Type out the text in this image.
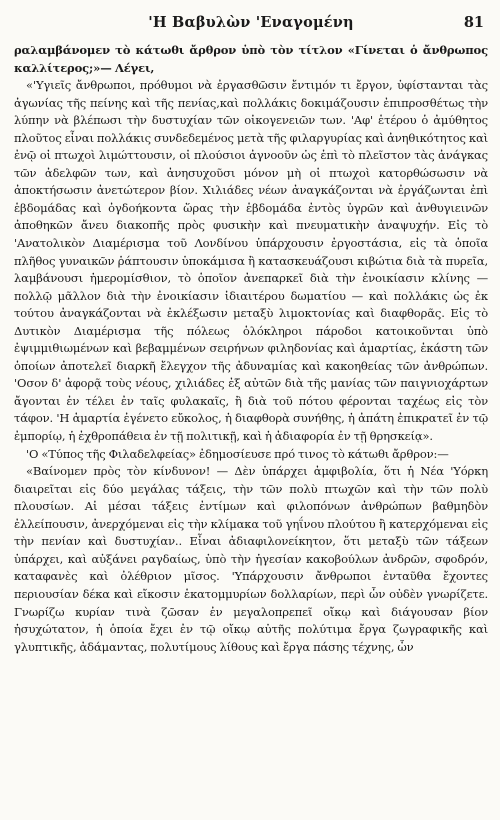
'Η Βαβυλὼν 'Εναγομένη	81

ραλαμβάνομεν τὸ κάτωθι ἄρθρον ὑπὸ τὸν τίτλον «Γίνεται ὁ ἄνθρωπος καλλίτερος;»— Λέγει,

«'Υγιεῖς ἄνθρωποι, πρόθυμοι νὰ ἐργασθῶσιν ἔντιμόν τι ἔργον, ὑφίστανται τὰς ἀγωνίας τῆς πείνης καὶ τῆς πενίας,καὶ πολλάκις δοκιμάζουσιν ἐπιπροσθέτως τὴν λύπην νὰ βλέπωσι τὴν δυστυχίαν τῶν οἰκογενειῶν των. 'Αφ' ἑτέρου ὁ ἀμύθητος πλοῦτος εἶναι πολλάκις συνδεδεμένος μετὰ τῆς φιλαργυρίας καὶ ἀνηθικότητος καὶ ἐνῷ οἱ πτωχοὶ λιμώττουσιν, οἱ πλούσιοι ἀγνοοῦν ὡς ἐπὶ τὸ πλεῖστον τὰς ἀνάγκας τῶν ἀδελφῶν των, καὶ ἀνησυχοῦσι μόνον μὴ οἱ πτωχοὶ κατορθώσωσιν νὰ ἀποκτήσωσιν ἀνετώτερον βίον. Χιλιάδες νέων ἀναγκάζονται νὰ ἐργάζωνται ἐπὶ ἑβδομάδας καὶ ὀγδοήκοντα ὥρας τὴν ἑβδομάδα ἐντὸς ὑγρῶν καὶ ἀνθυγιεινῶν ἀποθηκῶν ἄνευ διακοπῆς πρὸς φυσικὴν καὶ πνευματικὴν ἀναψυχήν. Εἰς τὸ 'Ανατολικὸν Διαμέρισμα τοῦ Λονδίνου ὑπάρχουσιν ἐργοστάσια, εἰς τὰ ὁποῖα πλῆθος γυναικῶν ῥάπτουσιν ὑποκάμισα ἢ κατασκευάζουσι κιβώτια διὰ τὰ πυρεῖα, λαμβάνουσι ἡμερομίσθιον, τὸ ὁποῖον ἀνεπαρκεῖ διὰ τὴν ἐνοικίασιν κλίνης — πολλῷ μᾶλλον διὰ τὴν ἐνοικίασιν ἰδιαιτέρου δωματίου — καὶ πολλάκις ὡς ἐκ τούτου ἀναγκάζονται νὰ ἐκλέξωσιν μεταξὺ λιμοκτονίας καὶ διαφθορᾶς. Εἰς τὸ Δυτικὸν Διαμέρισμα τῆς πόλεως ὁλόκληροι πάροδοι κατοικοῦνται ὑπὸ ἐψιμμιθιωμένων καὶ βεβαμμένων σειρήνων φιληδονίας καὶ ἁμαρτίας, ἑκάστη τῶν ὁποίων ἀποτελεῖ διαρκῆ ἔλεγχον τῆς ἀδυναμίας καὶ κακοηθείας τῶν ἀνθρώπων. 'Οσον δ' ἀφορᾷ τοὺς νέους, χιλιάδες ἐξ αὐτῶν διὰ τῆς μανίας τῶν παιγνιοχάρτων ἄγονται ἐν τέλει ἐν ταῖς φυλακαῖς, ἢ διὰ τοῦ πότου φέρονται ταχέως εἰς τὸν τάφον. 'Η ἁμαρτία ἐγένετο εὔκολος, ἡ διαφθορὰ συνήθης, ἡ ἀπάτη ἐπικρατεῖ ἐν τῷ ἐμπορίῳ, ἡ ἐχθροπάθεια ἐν τῇ πολιτικῇ, καὶ ἡ ἀδιαφορία ἐν τῇ θρησκείᾳ».

'Ο «Τύπος τῆς Φιλαδελφείας» ἐδημοσίευσε πρό τινος τὸ κάτωθι ἄρθρον:—

«Βαίνομεν πρὸς τὸν κίνδυνον! — Δὲν ὑπάρχει ἀμφιβολία, ὅτι ἡ Νέα 'Υόρκη διαιρεῖται εἰς δύο μεγάλας τάξεις, τὴν τῶν πολὺ πτωχῶν καὶ τὴν τῶν πολὺ πλουσίων. Αἱ μέσαι τάξεις ἐντίμων καὶ φιλοπόνων ἀνθρώπων βαθμηδὸν ἐλλείπουσιν, ἀνερχόμεναι εἰς τὴν κλίμακα τοῦ γηΐνου πλούτου ἢ κατερχόμεναι εἰς τὴν πενίαν καὶ δυστυχίαν.. Εἶναι ἀδιαφιλονείκητον, ὅτι μεταξὺ τῶν τάξεων ὑπάρχει, καὶ αὐξάνει ραγδαίως, ὑπὸ τὴν ἡγεσίαν κακοβούλων ἀνδρῶν, σφοδρόν, καταφανὲς καὶ ὀλέθριον μῖσος. 'Υπάρχουσιν ἄνθρωποι ἐνταῦθα ἔχοντες περιουσίαν δέκα καὶ εἴκοσιν ἑκατομμυρίων δολλαρίων, περὶ ὧν οὐδὲν γνωρίζετε. Γνωρίζω κυρίαν τινὰ ζῶσαν ἐν μεγαλοπρεπεῖ οἴκῳ καὶ διάγουσαν βίον ἡσυχώτατον, ἡ ὁποία ἔχει ἐν τῷ οἴκῳ αὐτῆς πολύτιμα ἔργα ζωγραφικῆς καὶ γλυπτικῆς, ἀδάμαντας, πολυτίμους λίθους καὶ ἔργα πάσης τέχνης, ὧν
